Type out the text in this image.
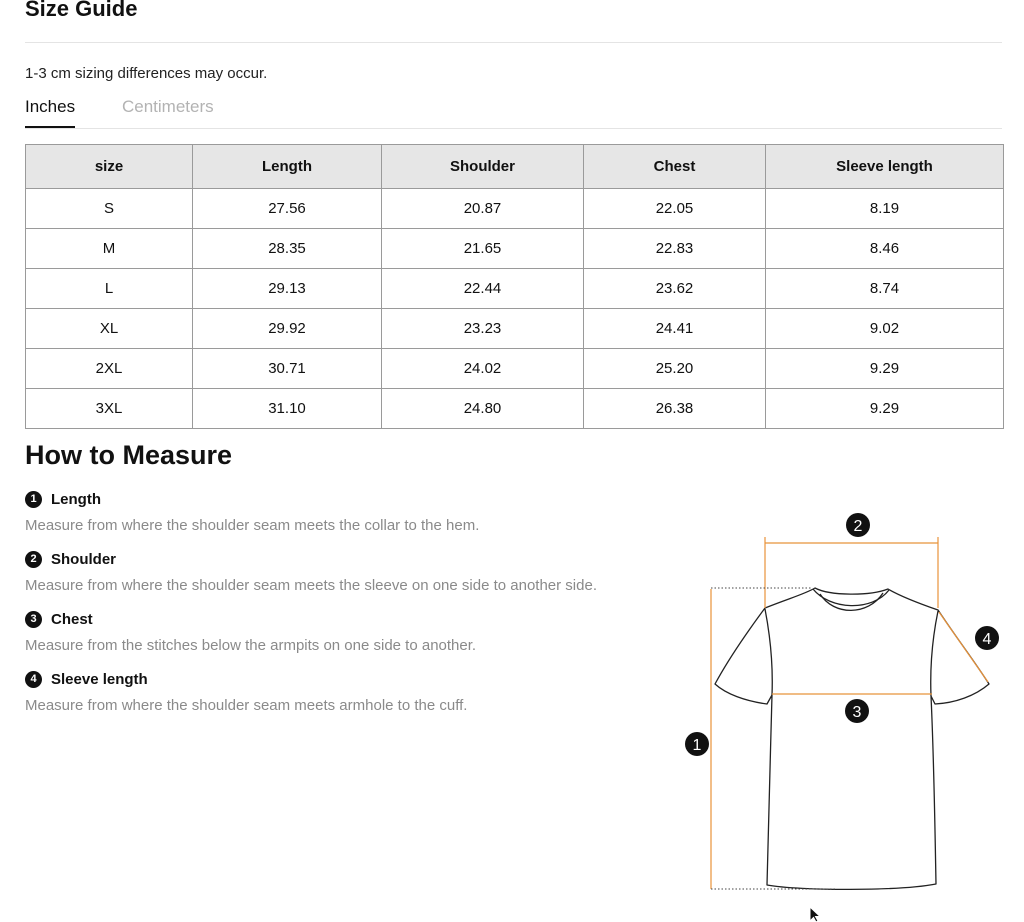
Size Guide
1-3 cm sizing differences may occur.
Inches	Centimeters
size	Length	Shoulder	Chest	Sleeve length
S	27.56	20.87	22.05	8.19
M	28.35	21.65	22.83	8.46
L	29.13	22.44	23.62	8.74
XL	29.92	23.23	24.41	9.02
2XL	30.71	24.02	25.20	9.29
3XL	31.10	24.80	26.38	9.29
How to Measure
1 Length
Measure from where the shoulder seam meets the collar to the hem.
2 Shoulder
Measure from where the shoulder seam meets the sleeve on one side to another side.
3 Chest
Measure from the stitches below the armpits on one side to another.
4 Sleeve length
Measure from where the shoulder seam meets armhole to the cuff.
1
2
3
4
